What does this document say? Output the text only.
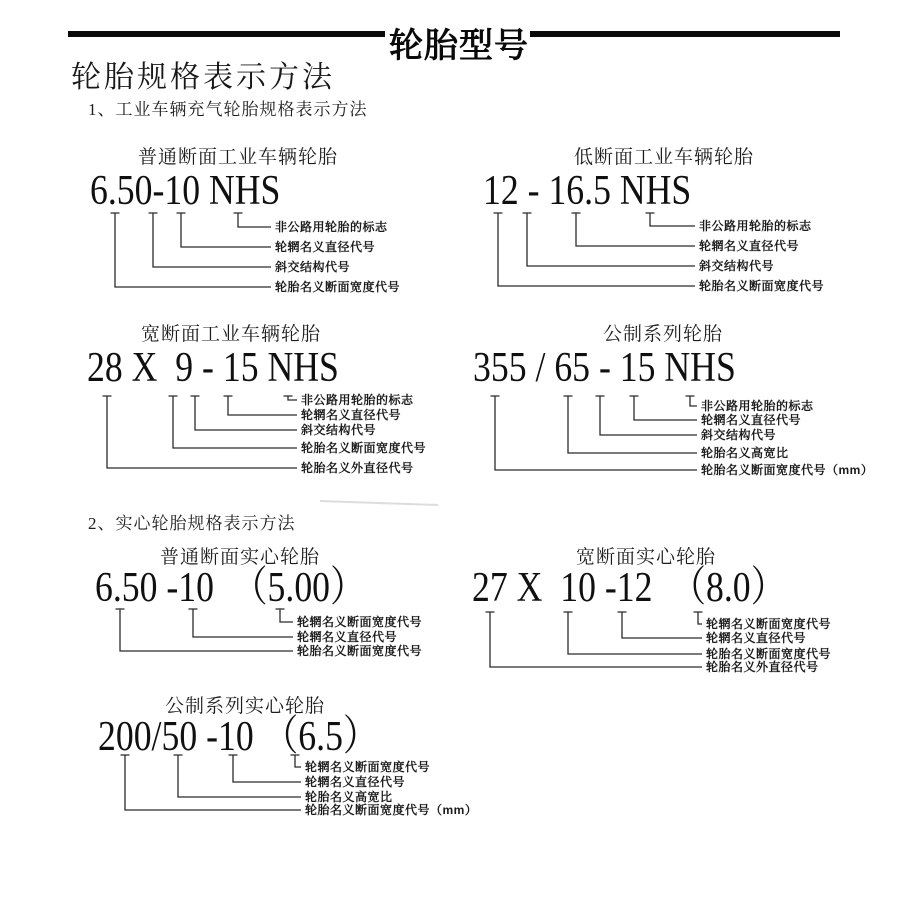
轮胎型号
轮胎规格表示方法
1、工业车辆充气轮胎规格表示方法
2、实心轮胎规格表示方法
普通断面工业车辆轮胎
6.50-10 NHS
非公路用轮胎的标志
轮辋名义直径代号
斜交结构代号
轮胎名义断面宽度代号
低断面工业车辆轮胎
12 - 16.5 NHS
非公路用轮胎的标志
轮辋名义直径代号
斜交结构代号
轮胎名义断面宽度代号
宽断面工业车辆轮胎
28 X  9 - 15 NHS
非公路用轮胎的标志
轮辋名义直径代号
斜交结构代号
轮胎名义断面宽度代号
轮胎名义外直径代号
公制系列轮胎
355 / 65 - 15 NHS
非公路用轮胎的标志
轮辋名义直径代号
斜交结构代号
轮胎名义高宽比
轮胎名义断面宽度代号（mm）
普通断面实心轮胎
6.50 -10  （5.00）
轮辋名义断面宽度代号
轮辋名义直径代号
轮胎名义断面宽度代号
宽断面实心轮胎
27 X  10 -12  （8.0）
轮辋名义断面宽度代号
轮辋名义直径代号
轮胎名义断面宽度代号
轮胎名义外直径代号
公制系列实心轮胎
200/50 -10 （6.5）
轮辋名义断面宽度代号
轮辋名义直径代号
轮胎名义高宽比
轮胎名义断面宽度代号（mm）
